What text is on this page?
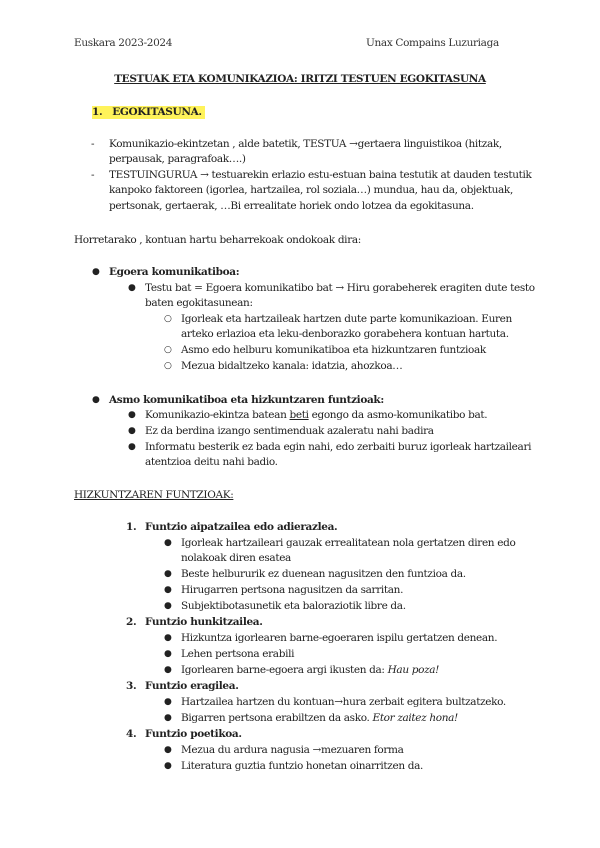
Euskara 2023-2024	Unax Compains Luzuriaga
TESTUAK ETA KOMUNIKAZIOA: IRITZI TESTUEN EGOKITASUNA
1. EGOKITASUNA.
- Komunikazio-ekintzetan , alde batetik, TESTUA →gertaera linguistikoa (hitzak,
perpausak, paragrafoak….)
- TESTUINGURUA → testuarekin erlazio estu-estuan baina testutik at dauden testutik
kanpoko faktoreen (igorlea, hartzailea, rol soziala…) mundua, hau da, objektuak,
pertsonak, gertaerak, …Bi errealitate horiek ondo lotzea da egokitasuna.
Horretarako , kontuan hartu beharrekoak ondokoak dira:
● Egoera komunikatiboa:
● Testu bat = Egoera komunikatibo bat → Hiru gorabeherek eragiten dute testo
baten egokitasunean:
○ Igorleak eta hartzaileak hartzen dute parte komunikazioan. Euren
arteko erlazioa eta leku-denborazko gorabehera kontuan hartuta.
○ Asmo edo helburu komunikatiboa eta hizkuntzaren funtzioak
○ Mezua bidaltzeko kanala: idatzia, ahozkoa…
● Asmo komunikatiboa eta hizkuntzaren funtzioak:
● Komunikazio-ekintza batean beti egongo da asmo-komunikatibo bat.
● Ez da berdina izango sentimenduak azaleratu nahi badira
● Informatu besterik ez bada egin nahi, edo zerbaiti buruz igorleak hartzaileari
atentzioa deitu nahi badio.
HIZKUNTZAREN FUNTZIOAK:
1. Funtzio aipatzailea edo adierazlea.
● Igorleak hartzaileari gauzak errealitatean nola gertatzen diren edo
nolakoak diren esatea
● Beste helbururik ez duenean nagusitzen den funtzioa da.
● Hirugarren pertsona nagusitzen da sarritan.
● Subjektibotasunetik eta baloraziotik libre da.
2. Funtzio hunkitzailea.
● Hizkuntza igorlearen barne-egoeraren ispilu gertatzen denean.
● Lehen pertsona erabili
● Igorlearen barne-egoera argi ikusten da: Hau poza!
3. Funtzio eragilea.
● Hartzailea hartzen du kontuan→hura zerbait egitera bultzatzeko.
● Bigarren pertsona erabiltzen da asko. Etor zaitez hona!
4. Funtzio poetikoa.
● Mezua du ardura nagusia →mezuaren forma
● Literatura guztia funtzio honetan oinarritzen da.
